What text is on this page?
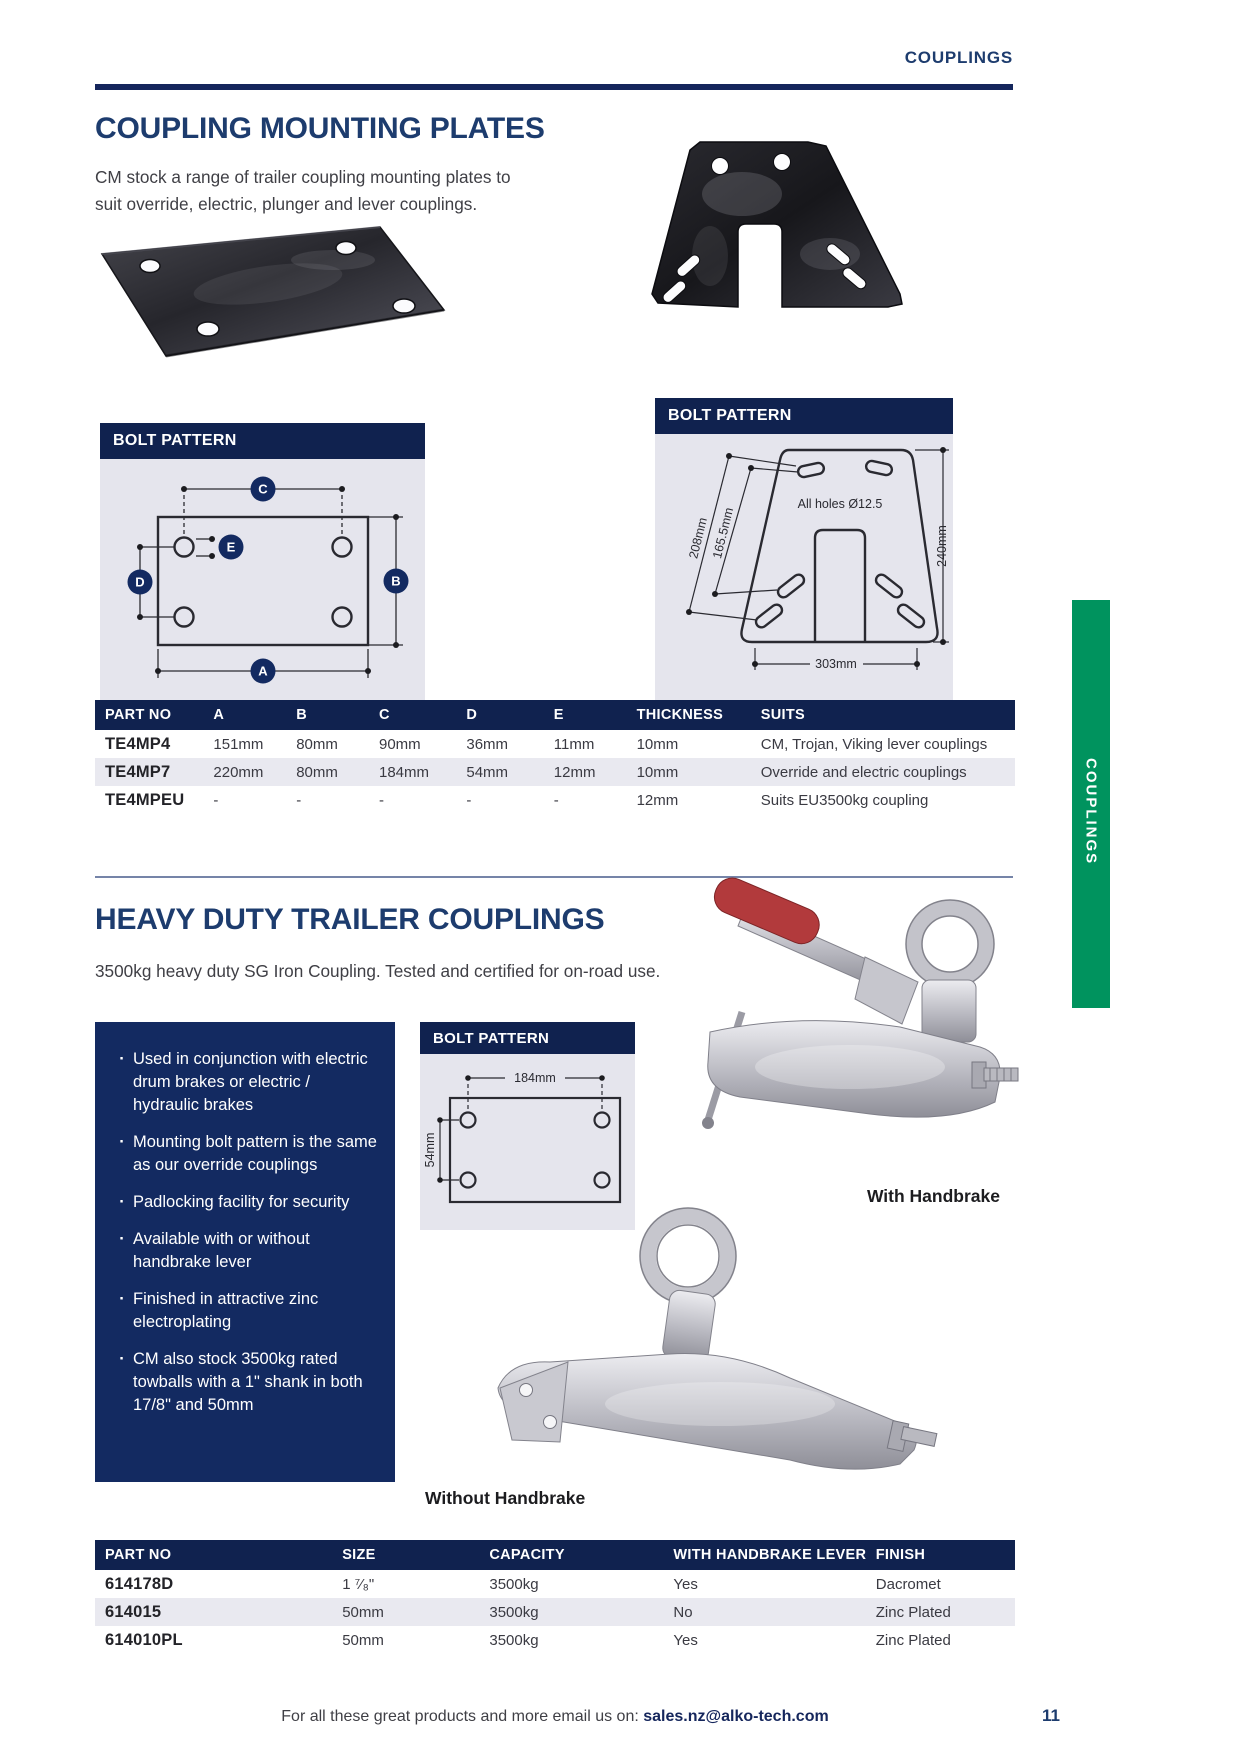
COUPLINGS
COUPLING MOUNTING PLATES
CM stock a range of trailer coupling mounting plates to
suit override, electric, plunger and lever couplings.
BOLT PATTERN
C
E
D	B
A
BOLT PATTERN
208mm 165.5mm
All holes Ø12.5
240mm
303mm
PART NO	A	B	C	D	E	THICKNESS	SUITS
TE4MP4	151mm	80mm	90mm	36mm	11mm	10mm	CM, Trojan, Viking lever couplings
TE4MP7	220mm	80mm	184mm	54mm	12mm	10mm	Override and electric couplings
TE4MPEU	-	-	-	-	-	12mm	Suits EU3500kg coupling
HEAVY DUTY TRAILER COUPLINGS
3500kg heavy duty SG Iron Coupling. Tested and certified for on-road use.
· Used in conjunction with electric drum brakes or electric / hydraulic brakes
· Mounting bolt pattern is the same as our override couplings
· Padlocking facility for security
· Available with or without handbrake lever
· Finished in attractive zinc electroplating
· CM also stock 3500kg rated towballs with a 1" shank in both 17/8" and 50mm
BOLT PATTERN
184mm
54mm
With Handbrake
Without Handbrake
PART NO	SIZE	CAPACITY	WITH HANDBRAKE LEVER	FINISH
614178D	1 ⁷⁄₈"	3500kg	Yes	Dacromet
614015	50mm	3500kg	No	Zinc Plated
614010PL	50mm	3500kg	Yes	Zinc Plated
COUPLINGS
For all these great products and more email us on: sales.nz@alko-tech.com	11
